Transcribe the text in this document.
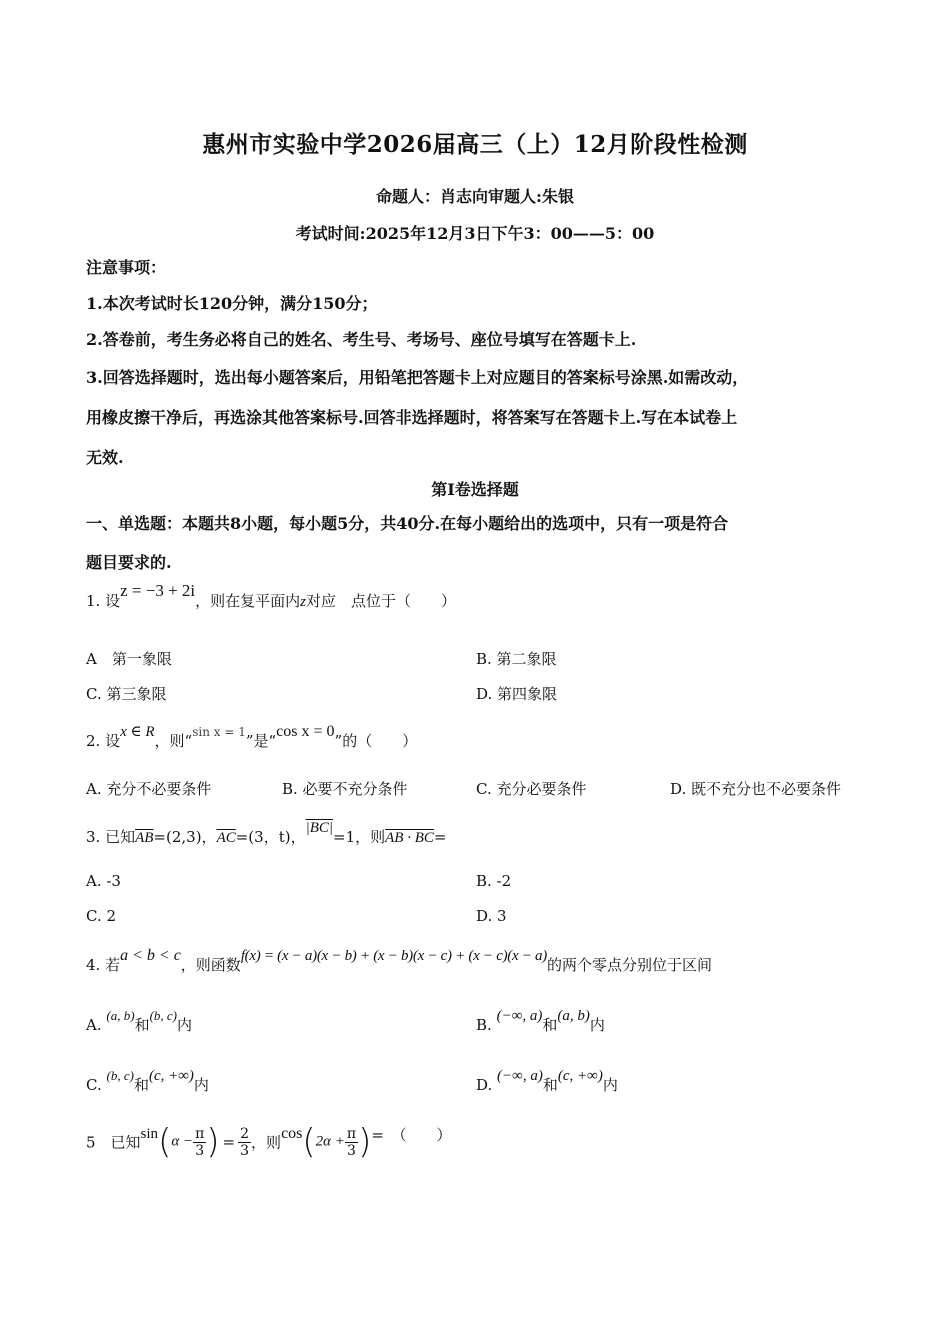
惠州市实验中学2026届高三（上）12月阶段性检测
命题人：肖志向审题人:朱银
考试时间:2025年12月3日下午3：00——5：00
注意事项：
1.本次考试时长120分钟，满分150分；
2.答卷前，考生务必将自己的姓名、考生号、考场号、座位号填写在答题卡上.
3.回答选择题时，选出每小题答案后，用铅笔把答题卡上对应题目的答案标号涂黑.如需改动，
用橡皮擦干净后，再选涂其他答案标号.回答非选择题时，将答案写在答题卡上.写在本试卷上
无效.
第I卷选择题
一、单选题：本题共8小题，每小题5分，共40分.在每小题给出的选项中，只有一项是符合
题目要求的.
1. 设z = −3 + 2i，则在复平面内z对应　点位于（　　）
A　第一象限	B. 第二象限
C. 第三象限	D. 第四象限
2. 设x ∈ R，则“$^{sin x = 1}$”是“cos x = 0”的（　　）
A. 充分不必要条件	B. 必要不充分条件	C. 充分必要条件	D. 既不充分也不必要条件
3. 已知$\overline{AB}=(2,3)$，$\overline{AC}=(3$，t)，|BC|=1，则AB · BC=
A. -3	B. -2
C. 2	D. 3
4. 若a < b < c，则函数f(x) = (x − a)(x − b) + (x − b)(x − c) + (x − c)(x − a)的两个零点分别位于区间
A. (a, b)和(b, c)内	B. (−∞, a)和(a, b)内
C. (b, c)和(c, +∞)内	D. (−∞, a)和(c, +∞)内
5　已知$\sin(\alpha - \frac{\pi}{3}$ ) = $\frac{2}{3}$ ，则$\cos(2\alpha + \frac{\pi}{3}$ )=　（　　）
